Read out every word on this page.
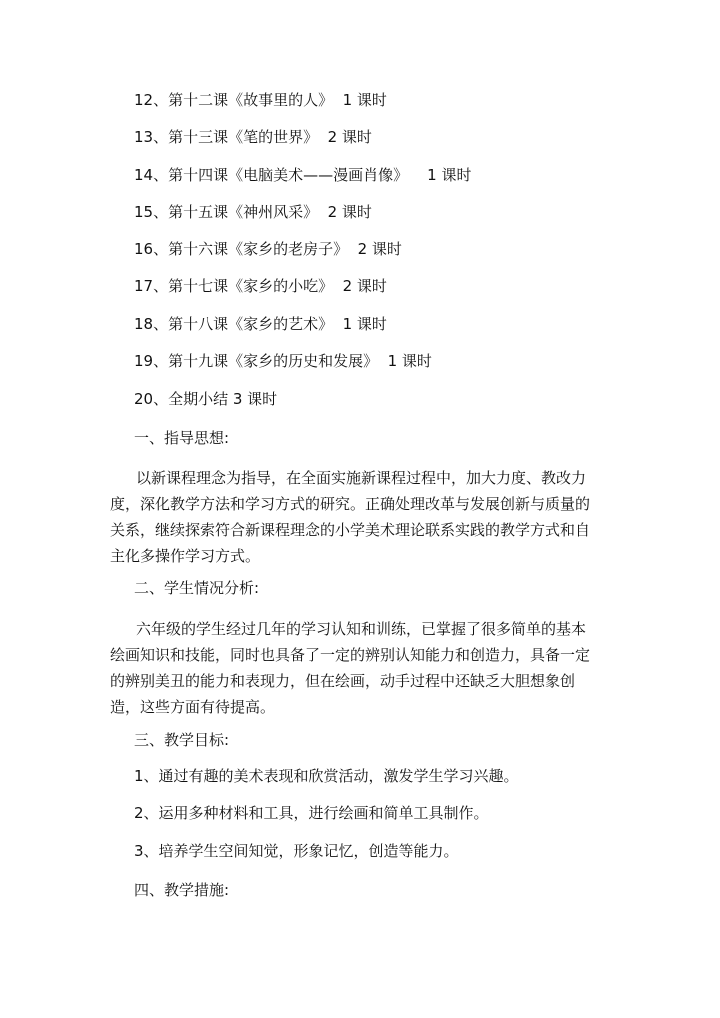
12、第十二课《故事里的人》  1 课时
13、第十三课《笔的世界》  2 课时
14、第十四课《电脑美术——漫画肖像》    1 课时
15、第十五课《神州风采》  2 课时
16、第十六课《家乡的老房子》  2 课时
17、第十七课《家乡的小吃》  2 课时
18、第十八课《家乡的艺术》  1 课时
19、第十九课《家乡的历史和发展》  1 课时
20、全期小结 3 课时
一、指导思想:

以新课程理念为指导，在全面实施新课程过程中，加大力度、教改力度，深化教学方法和学习方式的研究。正确处理改革与发展创新与质量的关系，继续探索符合新课程理念的小学美术理论联系实践的教学方式和自主化多操作学习方式。

二、学生情况分析:

六年级的学生经过几年的学习认知和训练，已掌握了很多简单的基本绘画知识和技能，同时也具备了一定的辨别认知能力和创造力，具备一定的辨别美丑的能力和表现力，但在绘画，动手过程中还缺乏大胆想象创造，这些方面有待提高。

三、教学目标:
1、通过有趣的美术表现和欣赏活动，激发学生学习兴趣。
2、运用多种材料和工具，进行绘画和简单工具制作。
3、培养学生空间知觉，形象记忆，创造等能力。
四、教学措施:
